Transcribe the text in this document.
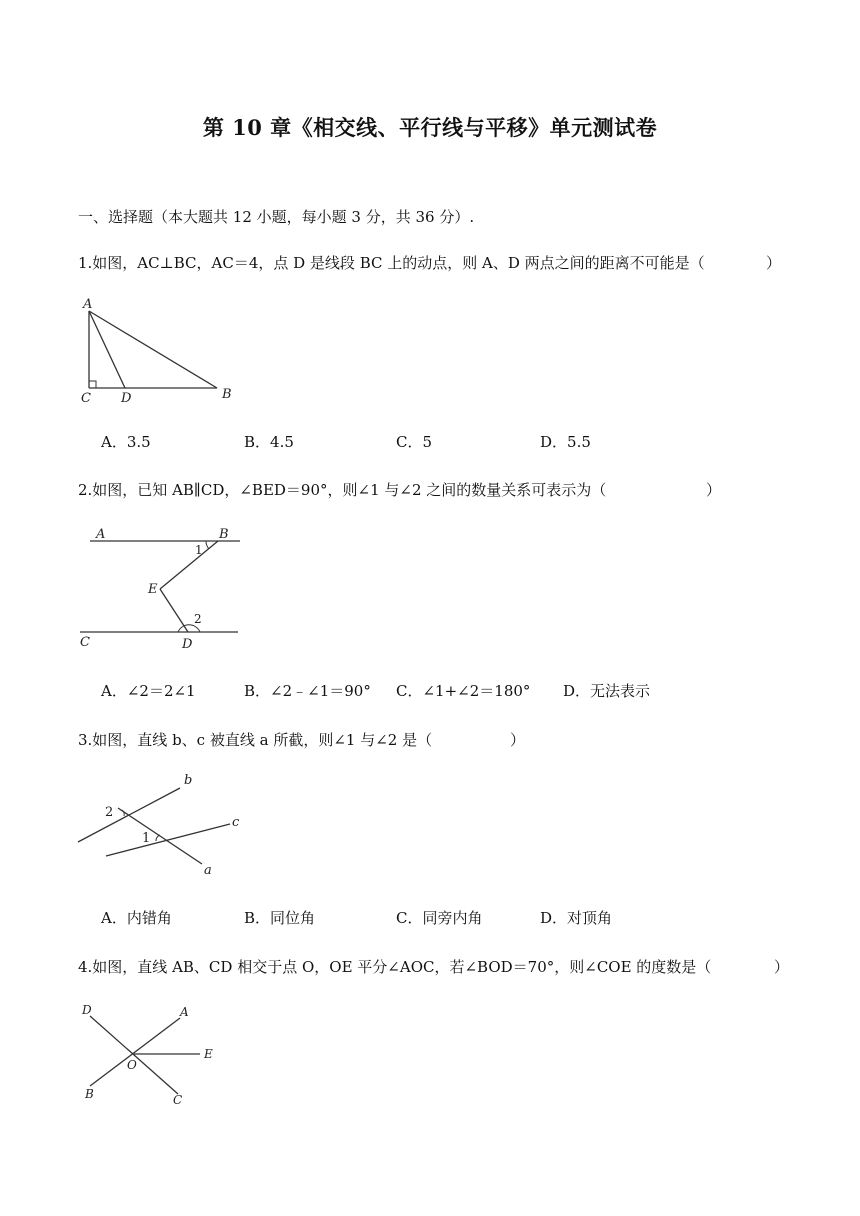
第 10 章《相交线、平行线与平移》单元测试卷
一、选择题（本大题共 12 小题，每小题 3 分，共 36 分）.
1.如图，AC⊥BC，AC＝4，点 D 是线段 BC 上的动点，则 A、D 两点之间的距离不可能是（	）
A
C D	B
A．3.5	B．4.5	C．5	D．5.5
2.如图，已知 AB∥CD，∠BED＝90°，则∠1 与∠2 之间的数量关系可表示为（	）
A	B
1
E
2
C	D
A．∠2＝2∠1	B．∠2﹣∠1＝90° C．∠1+∠2＝180° D．无法表示
3.如图，直线 b、c 被直线 a 所截，则∠1 与∠2 是（	）
b
2
c
1
a
A．内错角	B．同位角	C．同旁内角	D．对顶角
4.如图，直线 AB、CD 相交于点 O，OE 平分∠AOC，若∠BOD＝70°，则∠COE 的度数是（	）
D	A
E
O
B	C
